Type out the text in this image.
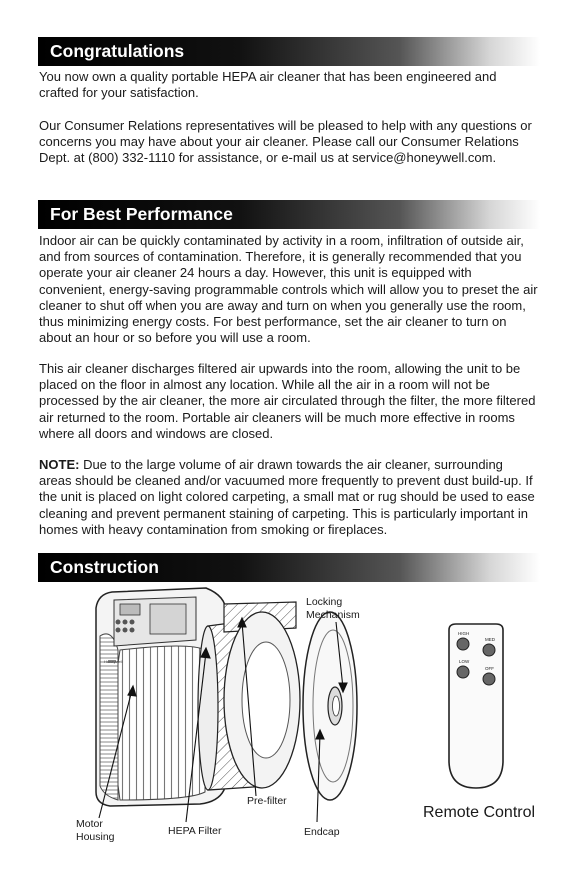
Congratulations

You now own a quality portable HEPA air cleaner that has been engineered and crafted for your satisfaction.

Our Consumer Relations representatives will be pleased to help with any questions or concerns you may have about your air cleaner. Please call our Consumer Relations Dept. at (800) 332-1110 for assistance, or e-mail us at service@honeywell.com.

For Best Performance

Indoor air can be quickly contaminated by activity in a room, infiltration of outside air, and from sources of contamination. Therefore, it is generally recommended that you operate your air cleaner 24 hours a day. However, this unit is equipped with convenient, energy-saving programmable controls which will allow you to preset the air cleaner to shut off when you are away and turn on when you generally use the room, thus minimizing energy costs. For best performance, set the air cleaner to turn on about an hour or so before you will use a room.

This air cleaner discharges filtered air upwards into the room, allowing the unit to be placed on the floor in almost any location. While all the air in a room will not be processed by the air cleaner, the more air circulated through the filter, the more filtered air returned to the room. Portable air cleaners will be much more effective in rooms where all doors and windows are closed.

NOTE: Due to the large volume of air drawn towards the air cleaner, surrounding areas should be cleaned and/or vacuumed more frequently to prevent dust build-up. If the unit is placed on light colored carpeting, a small mat or rug should be used to ease cleaning and prevent permanent staining of carpeting. This is particularly important in homes with heavy contamination from smoking or fireplaces.

Construction
Honeywell
.
HIGH
MED
LOW
OFF
Locking
Mechanism
Pre-filter
Motor
Housing	HEPA Filter	Endcap
Remote Control
